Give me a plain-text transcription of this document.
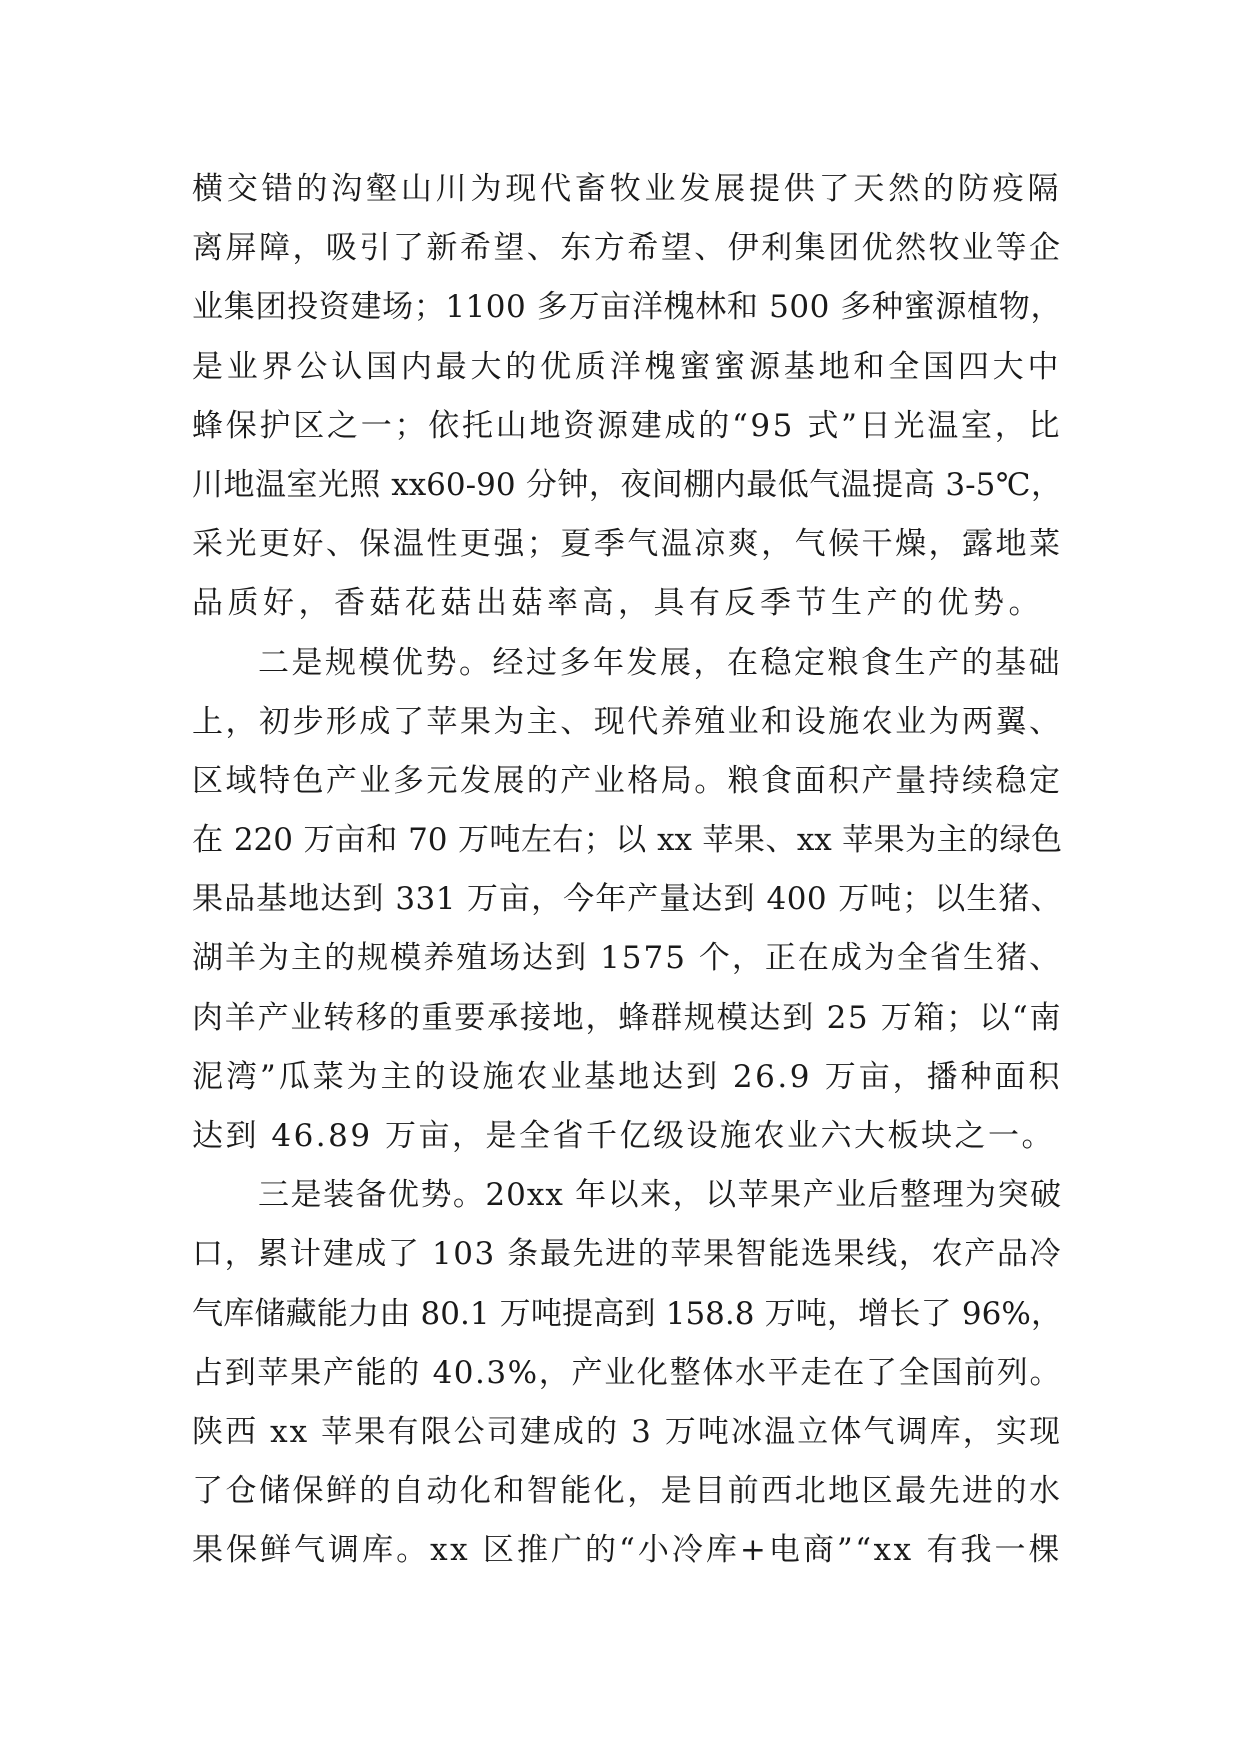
横交错的沟壑山川为现代畜牧业发展提供了天然的防疫隔
离屏障，吸引了新希望、东方希望、伊利集团优然牧业等企
业集团投资建场；1100 多万亩洋槐林和 500 多种蜜源植物，
是业界公认国内最大的优质洋槐蜜蜜源基地和全国四大中
蜂保护区之一；依托山地资源建成的“95 式”日光温室，比
川地温室光照 xx60-90 分钟，夜间棚内最低气温提高 3-5℃，
采光更好、保温性更强；夏季气温凉爽，气候干燥，露地菜
品质好，香菇花菇出菇率高，具有反季节生产的优势。
二是规模优势。经过多年发展，在稳定粮食生产的基础
上，初步形成了苹果为主、现代养殖业和设施农业为两翼、
区域特色产业多元发展的产业格局。粮食面积产量持续稳定
在 220 万亩和 70 万吨左右；以 xx 苹果、xx 苹果为主的绿色
果品基地达到 331 万亩，今年产量达到 400 万吨；以生猪、
湖羊为主的规模养殖场达到 1575 个，正在成为全省生猪、
肉羊产业转移的重要承接地，蜂群规模达到 25 万箱；以“南
泥湾”瓜菜为主的设施农业基地达到 26.9 万亩，播种面积
达到 46.89 万亩，是全省千亿级设施农业六大板块之一。
三是装备优势。20xx 年以来，以苹果产业后整理为突破
口，累计建成了 103 条最先进的苹果智能选果线，农产品冷
气库储藏能力由 80.1 万吨提高到 158.8 万吨，增长了 96%，
占到苹果产能的 40.3%，产业化整体水平走在了全国前列。
陕西 xx 苹果有限公司建成的 3 万吨冰温立体气调库，实现
了仓储保鲜的自动化和智能化，是目前西北地区最先进的水
果保鲜气调库。xx 区推广的“小冷库+电商”“xx 有我一棵
